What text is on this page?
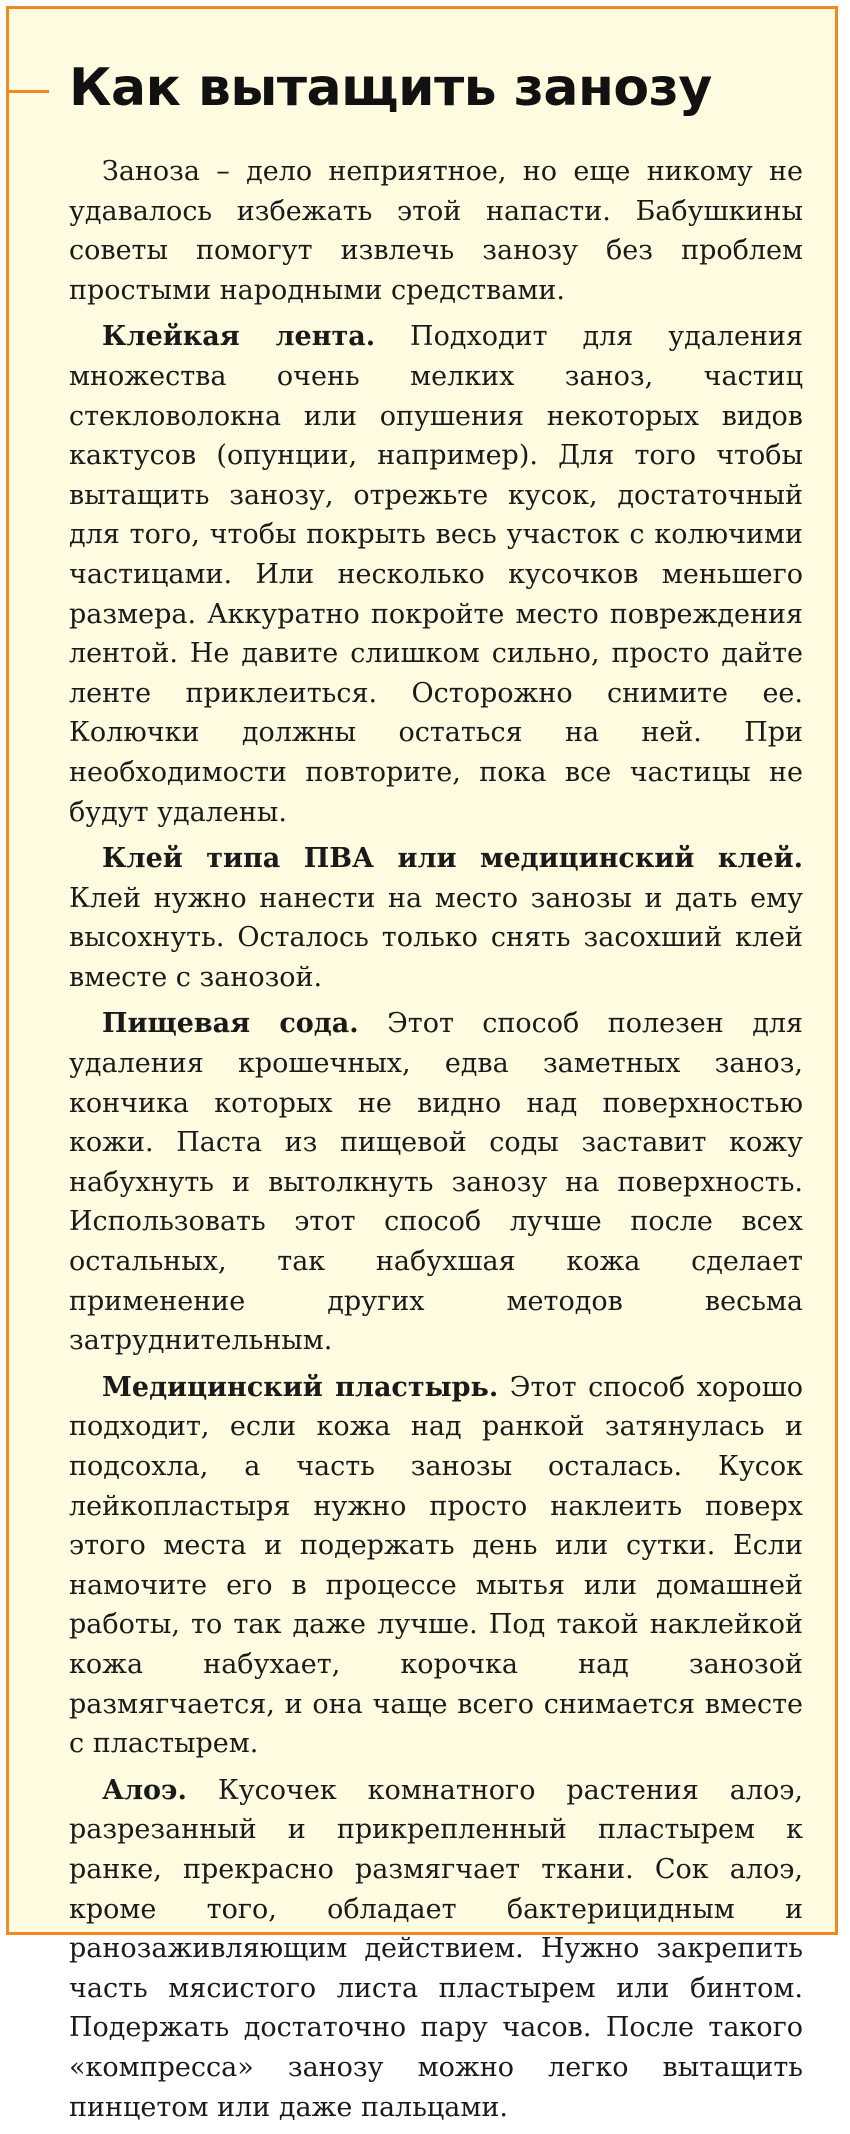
Как вытащить занозу

Заноза – дело неприятное, но еще никому не удавалось избежать этой напасти. Бабушкины советы помогут извлечь занозу без проблем простыми народными средствами.

Клейкая лента. Подходит для удаления множества очень мелких заноз, частиц стекловолокна или опушения некоторых видов кактусов (опунции, например). Для того чтобы вытащить занозу, отрежьте кусок, достаточный для того, чтобы покрыть весь участок с колючими частицами. Или несколько кусочков меньшего размера. Аккуратно покройте место повреждения лентой. Не давите слишком сильно, просто дайте ленте приклеиться. Осторожно снимите ее. Колючки должны остаться на ней. При необходимости повторите, пока все частицы не будут удалены.

Клей типа ПВА или медицинский клей. Клей нужно нанести на место занозы и дать ему высохнуть. Осталось только снять засохший клей вместе с занозой.

Пищевая сода. Этот способ полезен для удаления крошечных, едва заметных заноз, кончика которых не видно над поверхностью кожи. Паста из пищевой соды заставит кожу набухнуть и вытолкнуть занозу на поверхность. Использовать этот способ лучше после всех остальных, так набухшая кожа сделает применение других методов весьма затруднительным.

Медицинский пластырь. Этот способ хорошо подходит, если кожа над ранкой затянулась и подсохла, а часть занозы осталась. Кусок лейкопластыря нужно просто наклеить поверх этого места и подержать день или сутки. Если намочите его в процессе мытья или домашней работы, то так даже лучше. Под такой наклейкой кожа набухает, корочка над занозой размягчается, и она чаще всего снимается вместе с пластырем.

Алоэ. Кусочек комнатного растения алоэ, разрезанный и прикрепленный пластырем к ранке, прекрасно размягчает ткани. Сок алоэ, кроме того, обладает бактерицидным и ранозаживляющим действием. Нужно закрепить часть мясистого листа пластырем или бинтом. Подержать достаточно пару часов. После такого «компресса» занозу можно легко вытащить пинцетом или даже пальцами.
